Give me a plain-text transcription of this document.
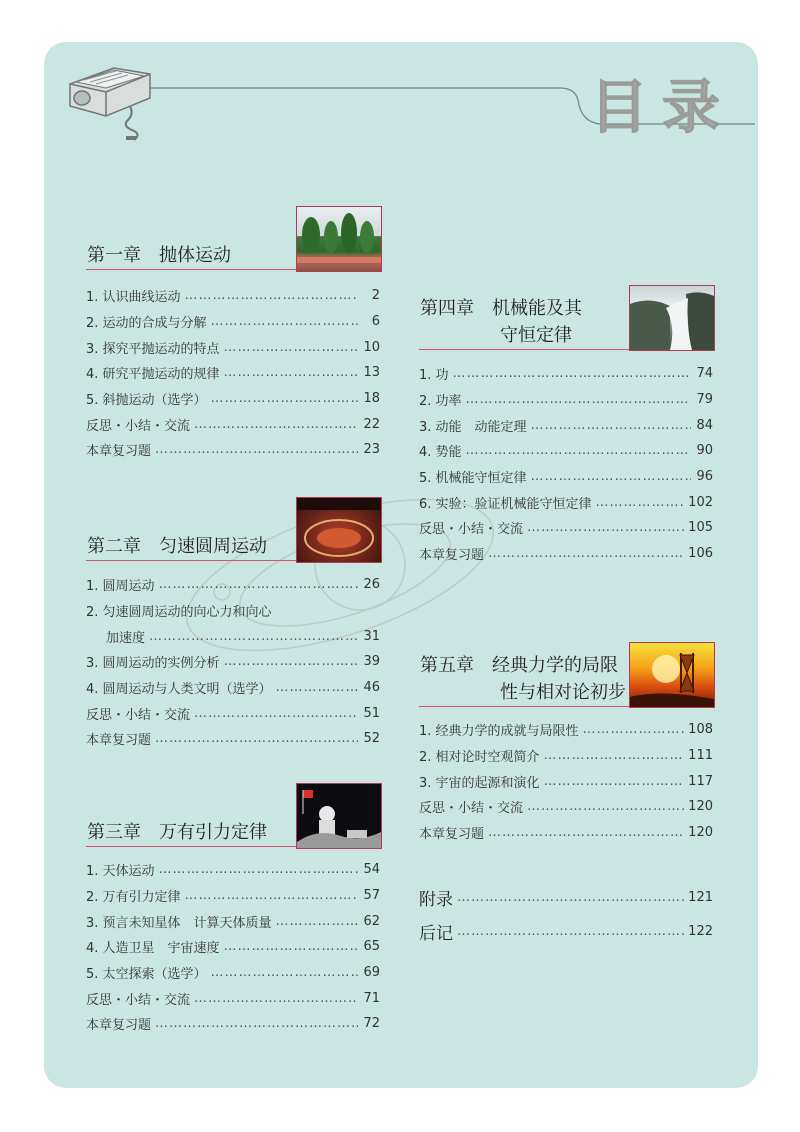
目录
第一章　抛体运动
1. 认识曲线运动 ……………………………………………………………………………………………………	2
2. 运动的合成与分解 ……………………………………………………………………………………………………	6
3. 探究平抛运动的特点 ……………………………………………………………………………………………………	10
4. 研究平抛运动的规律 ……………………………………………………………………………………………………	13
5. 斜抛运动（选学） ……………………………………………………………………………………………………	18
反思・小结・交流 ……………………………………………………………………………………………………	22
本章复习题 ……………………………………………………………………………………………………	23
第二章　匀速圆周运动
1. 圆周运动 ……………………………………………………………………………………………………	26
2. 匀速圆周运动的向心力和向心
加速度 ……………………………………………………………………………………………………	31
3. 圆周运动的实例分析 ……………………………………………………………………………………………………	39
4. 圆周运动与人类文明（选学） ……………………………………………………………………………………………………	46
反思・小结・交流 ……………………………………………………………………………………………………	51
本章复习题 ……………………………………………………………………………………………………	52
第三章　万有引力定律
1. 天体运动 ……………………………………………………………………………………………………	54
2. 万有引力定律 ……………………………………………………………………………………………………	57
3. 预言未知星体　计算天体质量 ……………………………………………………………………………………………………	62
4. 人造卫星　宇宙速度 ……………………………………………………………………………………………………	65
5. 太空探索（选学） ……………………………………………………………………………………………………	69
反思・小结・交流 ……………………………………………………………………………………………………	71
本章复习题 ……………………………………………………………………………………………………	72
第四章　机械能及其
守恒定律
1. 功 ……………………………………………………………………………………………………	74
2. 功率 ……………………………………………………………………………………………………	79
3. 动能　动能定理 ……………………………………………………………………………………………………	84
4. 势能 ……………………………………………………………………………………………………	90
5. 机械能守恒定律 ……………………………………………………………………………………………………	96
6. 实验：验证机械能守恒定律 ……………………………………………………………………………………………………	102
反思・小结・交流 ……………………………………………………………………………………………………	105
本章复习题 ……………………………………………………………………………………………………	106
第五章　经典力学的局限
性与相对论初步
1. 经典力学的成就与局限性 ……………………………………………………………………………………………………	108
2. 相对论时空观简介 ……………………………………………………………………………………………………	111
3. 宇宙的起源和演化 ……………………………………………………………………………………………………	117
反思・小结・交流 ……………………………………………………………………………………………………	120
本章复习题 ……………………………………………………………………………………………………	120
附录 ……………………………………………………………………………………………………	121
后记 ……………………………………………………………………………………………………	122
